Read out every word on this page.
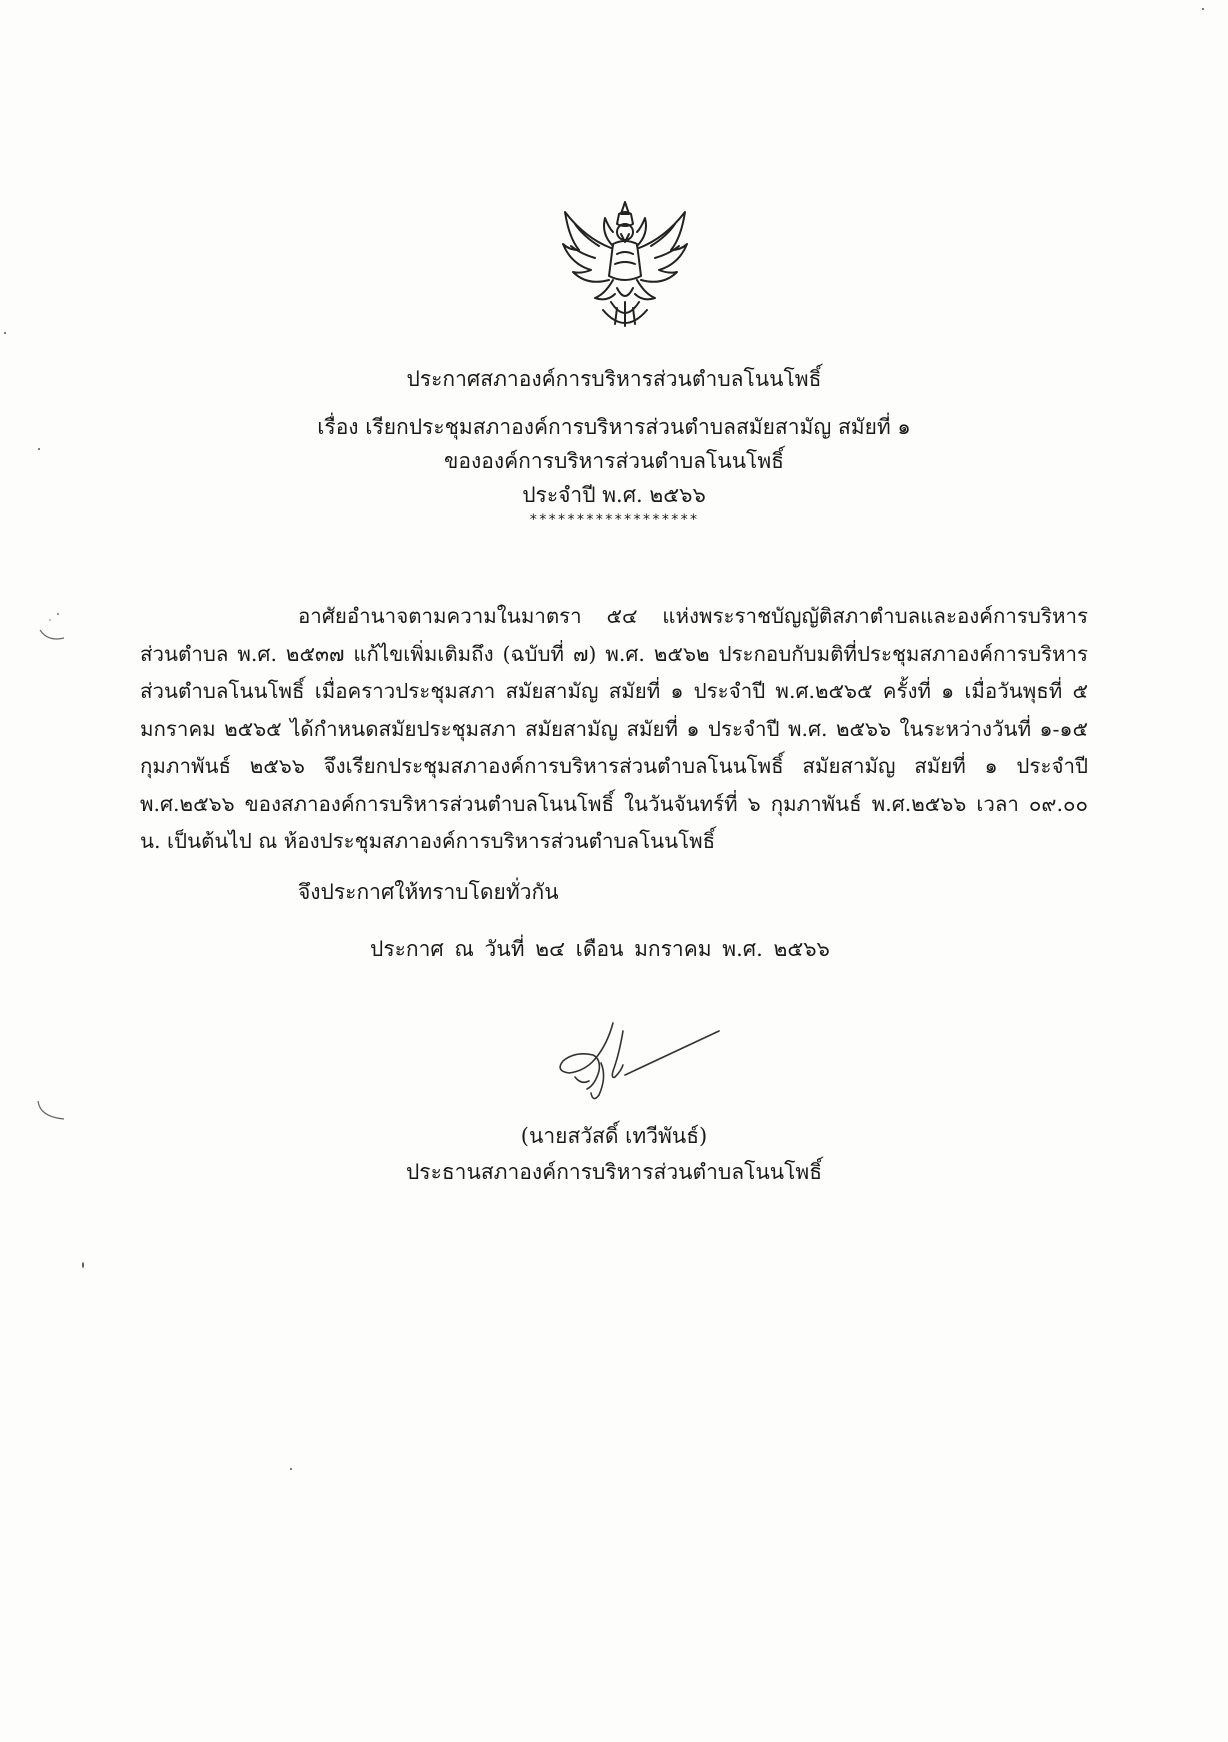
ประกาศสภาองค์การบริหารส่วนตำบลโนนโพธิ์
เรื่อง เรียกประชุมสภาองค์การบริหารส่วนตำบลสมัยสามัญ สมัยที่ ๑
ขององค์การบริหารส่วนตำบลโนนโพธิ์
ประจำปี พ.ศ. ๒๕๖๖
******************

อาศัยอำนาจตามความในมาตรา ๕๔ แห่งพระราชบัญญัติสภาตำบลและองค์การบริหารส่วนตำบล พ.ศ. ๒๕๓๗ แก้ไขเพิ่มเติมถึง (ฉบับที่ ๗) พ.ศ. ๒๕๖๒ ประกอบกับมติที่ประชุมสภาองค์การบริหารส่วนตำบลโนนโพธิ์ เมื่อคราวประชุมสภา สมัยสามัญ สมัยที่ ๑ ประจำปี พ.ศ.๒๕๖๕ ครั้งที่ ๑ เมื่อวันพุธที่ ๕ มกราคม ๒๕๖๕ ได้กำหนดสมัยประชุมสภา สมัยสามัญ สมัยที่ ๑ ประจำปี พ.ศ. ๒๕๖๖ ในระหว่างวันที่ ๑-๑๕ กุมภาพันธ์ ๒๕๖๖ จึงเรียกประชุมสภาองค์การบริหารส่วนตำบลโนนโพธิ์ สมัยสามัญ สมัยที่ ๑ ประจำปี พ.ศ.๒๕๖๖ ของสภาองค์การบริหารส่วนตำบลโนนโพธิ์ ในวันจันทร์ที่ ๖ กุมภาพันธ์ พ.ศ.๒๕๖๖ เวลา ๐๙.๐๐ น. เป็นต้นไป ณ ห้องประชุมสภาองค์การบริหารส่วนตำบลโนนโพธิ์

จึงประกาศให้ทราบโดยทั่วกัน
ประกาศ ณ วันที่ ๒๔ เดือน มกราคม พ.ศ. ๒๕๖๖
(นายสวัสดิ์ เทวีพันธ์)
ประธานสภาองค์การบริหารส่วนตำบลโนนโพธิ์
